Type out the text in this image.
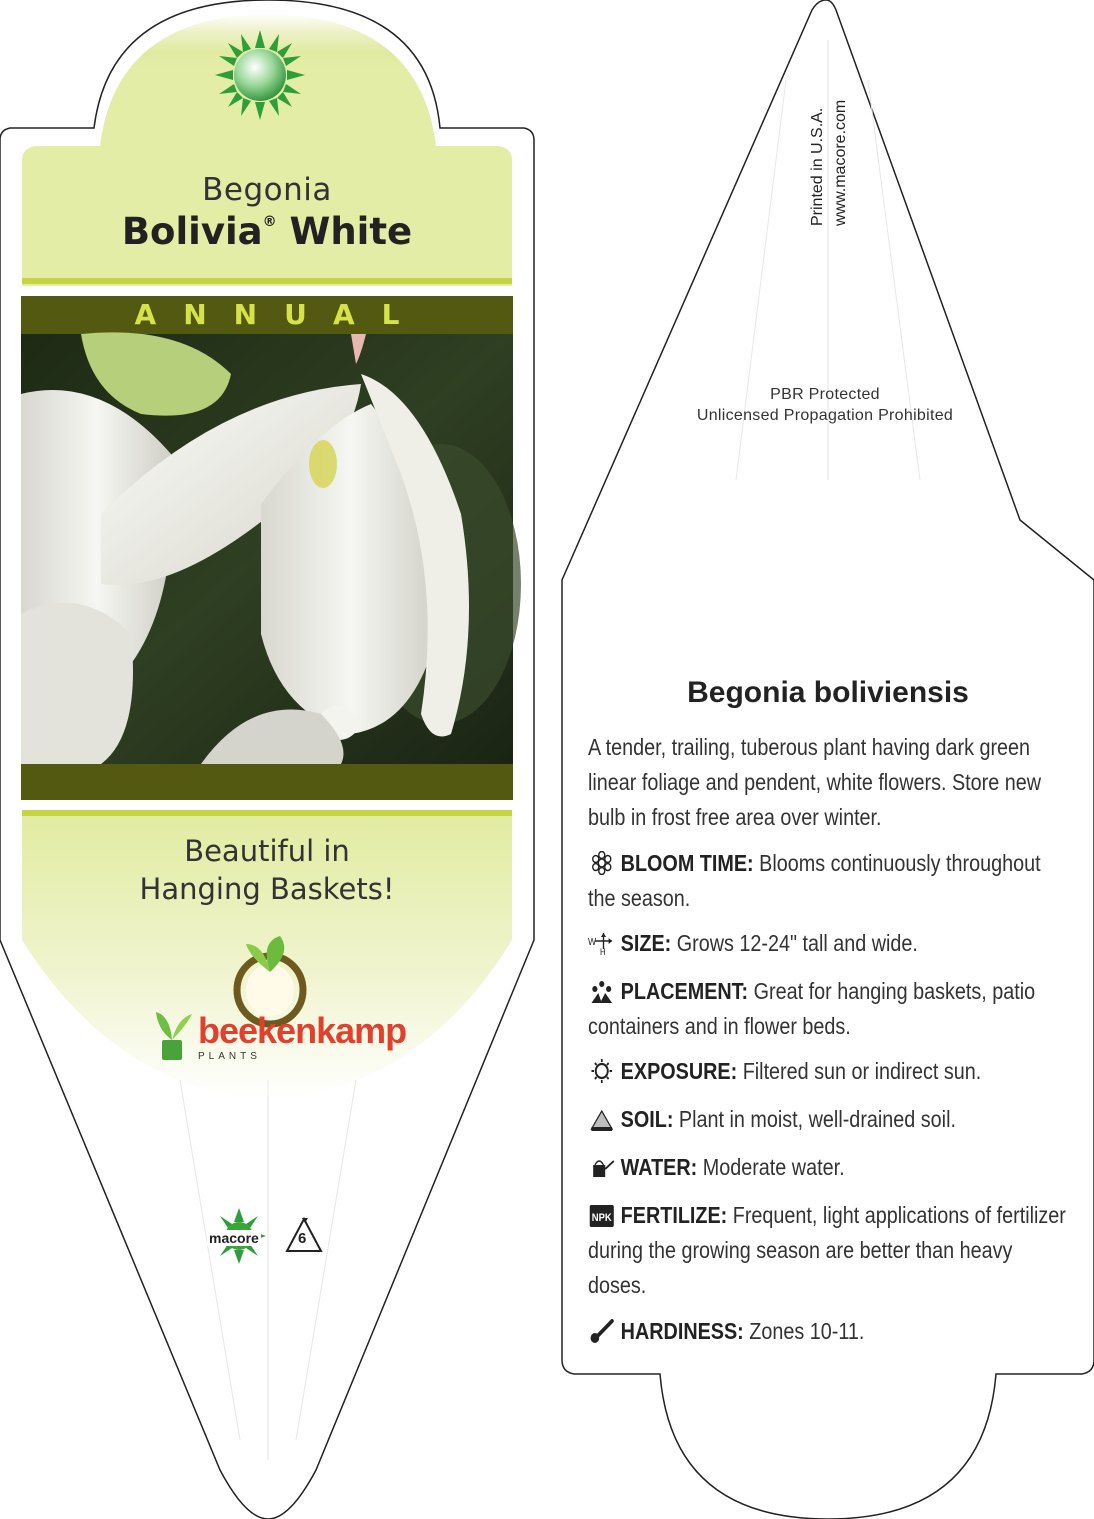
Begonia
Bolivia® White
ANNUAL
Beautiful in
Hanging Baskets!
beekenkamp
PLANTS
macore	6
Printed in U.S.A. www.macore.com
PBR Protected
Unlicensed Propagation Prohibited
Begonia boliviensis
A tender, trailing, tuberous plant having dark green linear foliage and pendent, white flowers. Store new bulb in frost free area over winter.
BLOOM TIME: Blooms continuously throughout the season.
W
H SIZE: Grows 12-24" tall and wide.
PLACEMENT: Great for hanging baskets, patio containers and in flower beds.
EXPOSURE: Filtered sun or indirect sun.
SOIL: Plant in moist, well-drained soil.
WATER: Moderate water.
NPK FERTILIZE: Frequent, light applications of fertilizer during the growing season are better than heavy doses.
HARDINESS: Zones 10-11.
